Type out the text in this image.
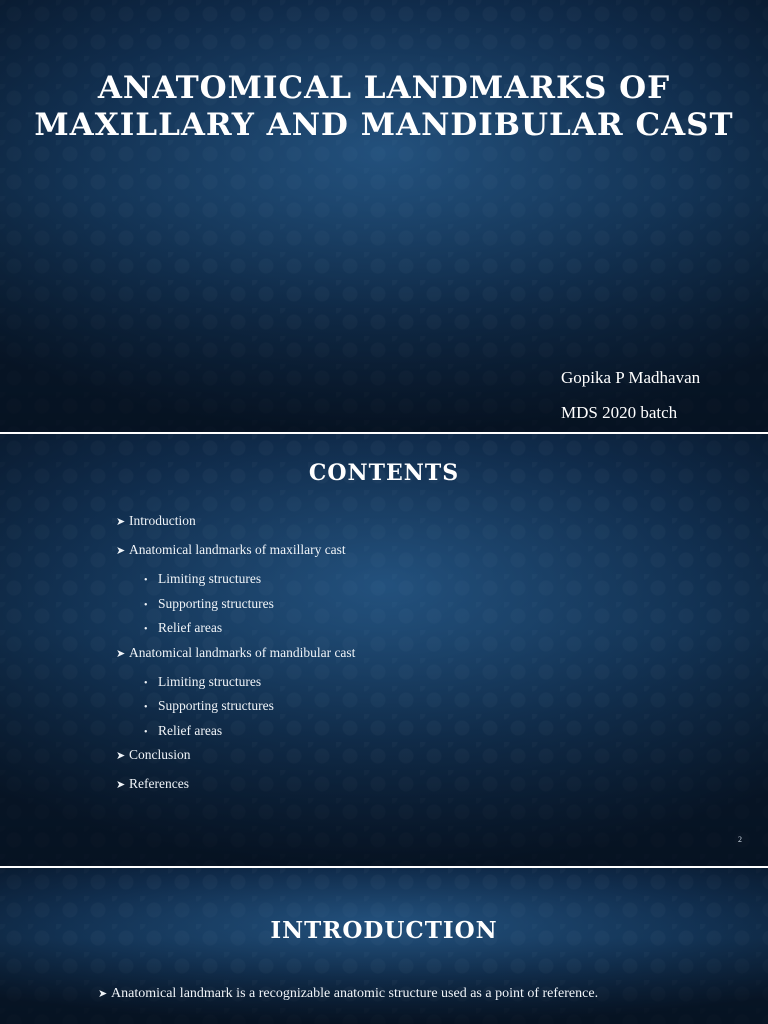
ANATOMICAL LANDMARKS OF
MAXILLARY AND MANDIBULAR CAST
Gopika P Madhavan
MDS 2020 batch
CONTENTS
➤ Introduction
➤ Anatomical landmarks of maxillary cast
• Limiting structures
• Supporting structures
• Relief areas
➤ Anatomical landmarks of mandibular cast
• Limiting structures
• Supporting structures
• Relief areas
➤ Conclusion
➤ References
2
INTRODUCTION

➤ Anatomical landmark is a recognizable anatomic structure used as a point of reference.
